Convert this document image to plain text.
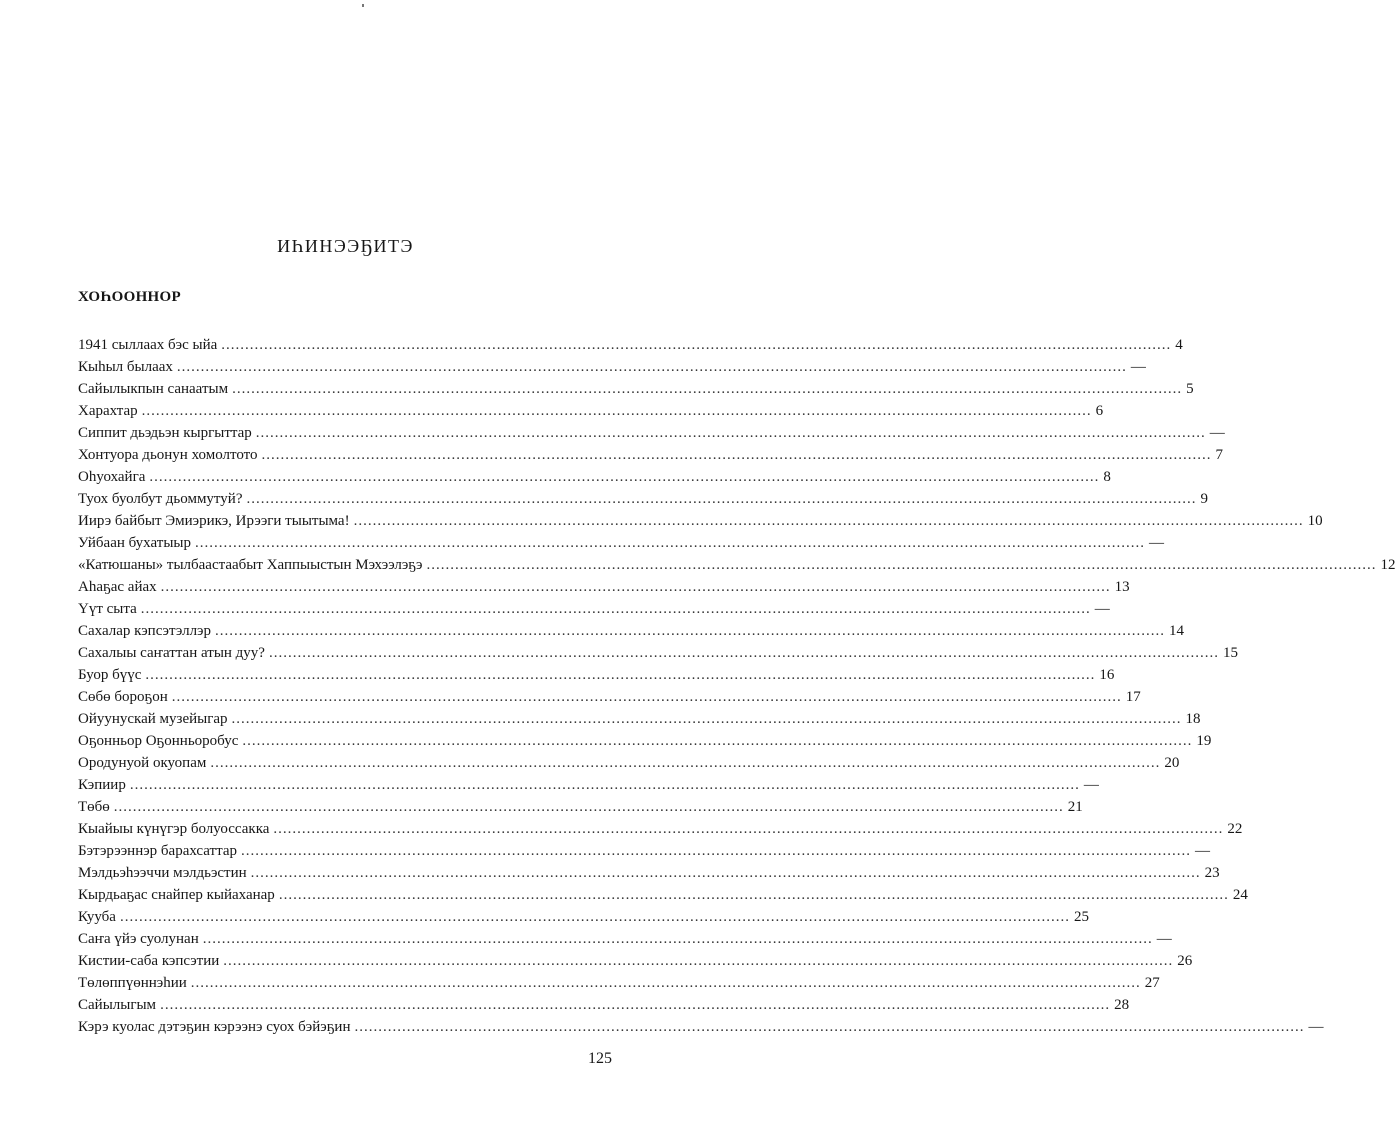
ИҺИНЭЭҔИТЭ
ХОҺООННОР
1941 сыллаах бэс ыйа ........................................................................................................................................................................................................ 4
Кыһыл былаах ........................................................................................................................................................................................................ —
Сайылыкпын санаатым ........................................................................................................................................................................................................ 5
Харахтар ........................................................................................................................................................................................................ 6
Сиппит дьэдьэн кыргыттар ........................................................................................................................................................................................................ —
Хонтуора дьонун хомолтото ........................................................................................................................................................................................................ 7
Оһуохайга ........................................................................................................................................................................................................ 8
Туох буолбут дьоммутуй? ........................................................................................................................................................................................................ 9
Иирэ байбыт Эмиэрикэ, Ирээги тыытыма! ........................................................................................................................................................................................................ 10
Уйбаан бухатыыр ........................................................................................................................................................................................................ —
«Катюшаны» тылбаастаабыт Хаппыыстын Мэхээлэҕэ ........................................................................................................................................................................................................ 12
Аһаҕас айах ........................................................................................................................................................................................................ 13
Үүт сыта ........................................................................................................................................................................................................ —
Сахалар кэпсэтэллэр ........................................................................................................................................................................................................ 14
Сахалыы саҥаттан атын дуу? ........................................................................................................................................................................................................ 15
Буор бүүс ........................................................................................................................................................................................................ 16
Сөбө бороҕон ........................................................................................................................................................................................................ 17
Ойуунускай музейыгар ........................................................................................................................................................................................................ 18
Оҕонньор Оҕонньоробус ........................................................................................................................................................................................................ 19
Ородунуой окуопам ........................................................................................................................................................................................................ 20
Кэпиир ........................................................................................................................................................................................................ —
Төбө ........................................................................................................................................................................................................ 21
Кыайыы күнүгэр болуоссакка ........................................................................................................................................................................................................ 22
Бэтэрээннэр барахсаттар ........................................................................................................................................................................................................ —
Мэлдьэһээччи мэлдьэстин ........................................................................................................................................................................................................ 23
Кырдьаҕас снайпер кыйаханар ........................................................................................................................................................................................................ 24
Кууба ........................................................................................................................................................................................................ 25
Саҥа үйэ суолунан ........................................................................................................................................................................................................ —
Кистии-саба кэпсэтии ........................................................................................................................................................................................................ 26
Төлөппүөннэһии ........................................................................................................................................................................................................ 27
Сайылыгым ........................................................................................................................................................................................................ 28
Кэрэ куолас дэтэҕин кэрээнэ суох бэйэҕин ........................................................................................................................................................................................................ —
125
